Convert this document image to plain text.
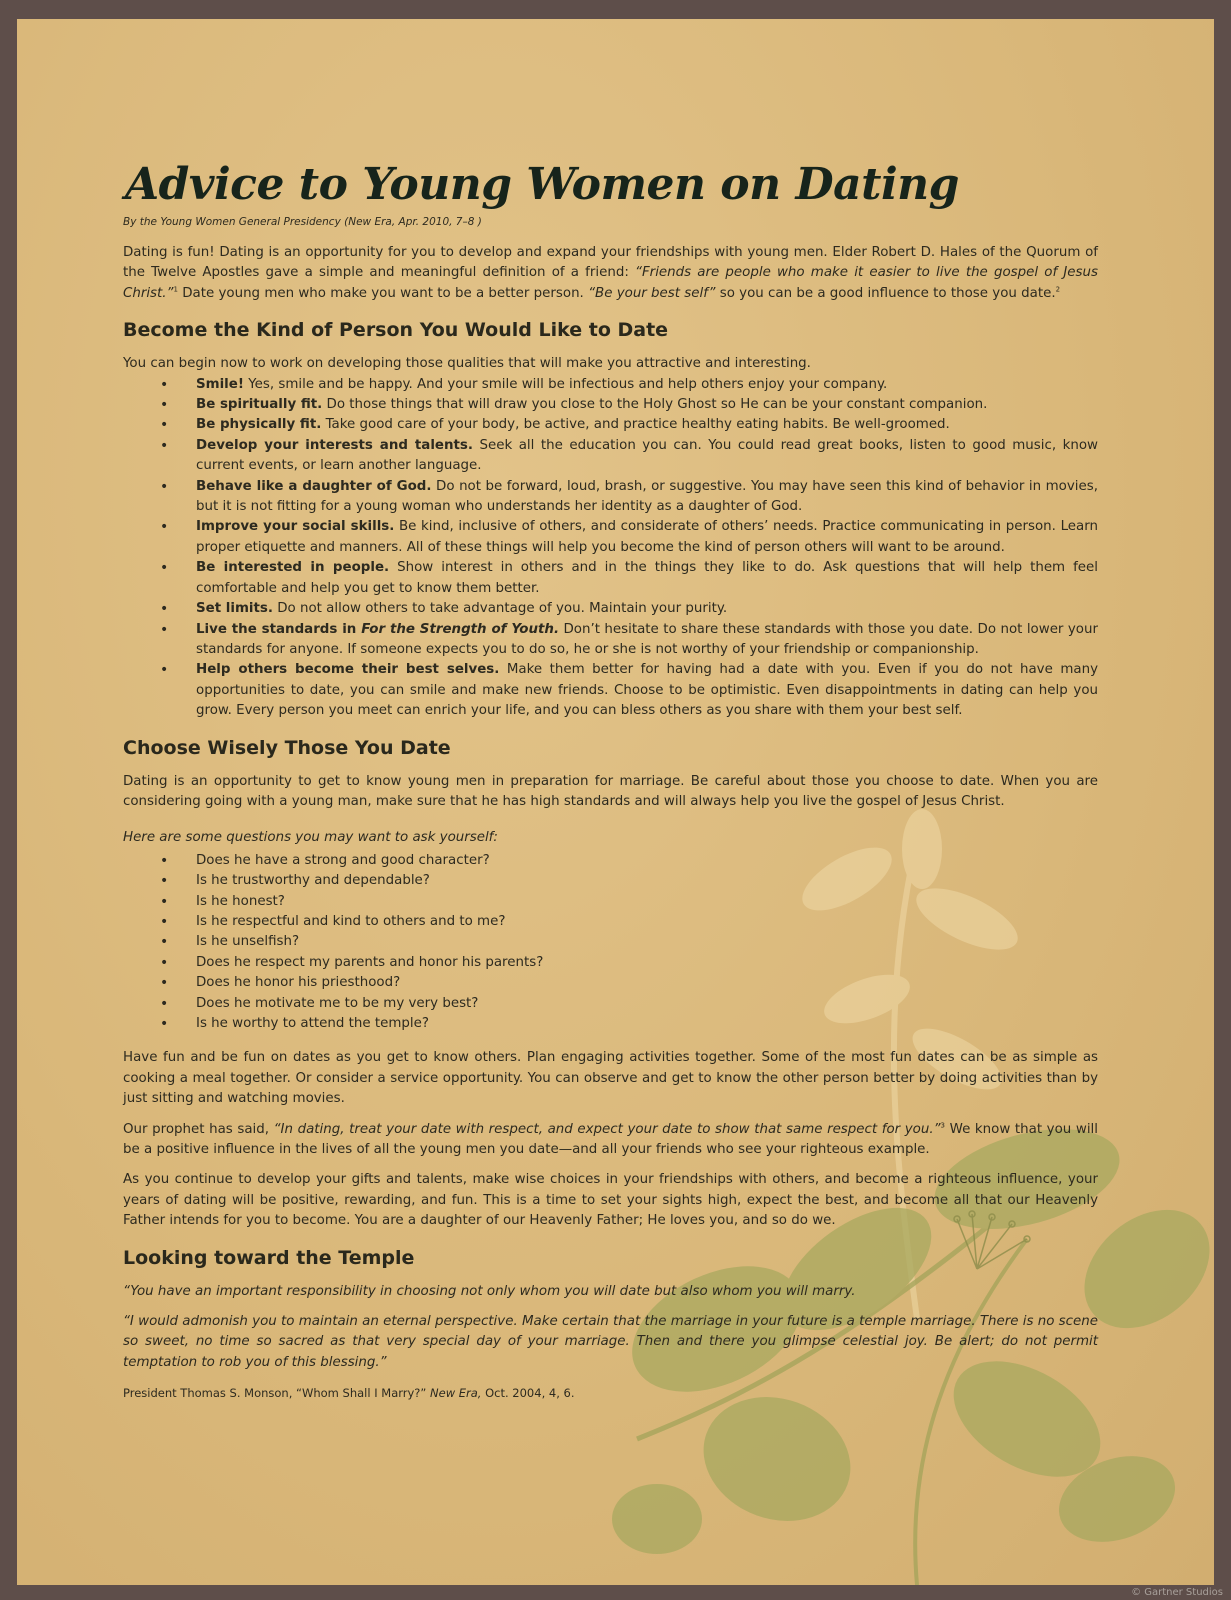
Advice to Young Women on Dating
By the Young Women General Presidency (New Era, Apr. 2010, 7–8 )

Dating is fun! Dating is an opportunity for you to develop and expand your friendships with young men. Elder Robert D. Hales of the Quorum of the Twelve Apostles gave a simple and meaningful definition of a friend: “Friends are people who make it easier to live the gospel of Jesus Christ.”$^1$ Date young men who make you want to be a better person. “Be your best self” so you can be a good influence to those you date.$^2$

Become the Kind of Person You Would Like to Date

You can begin now to work on developing those qualities that will make you attractive and interesting.

• Smile! Yes, smile and be happy. And your smile will be infectious and help others enjoy your company.
• Be spiritually fit. Do those things that will draw you close to the Holy Ghost so He can be your constant companion.
• Be physically fit. Take good care of your body, be active, and practice healthy eating habits. Be well-groomed.
• Develop your interests and talents. Seek all the education you can. You could read great books, listen to good music, know current events, or learn another language.
• Behave like a daughter of God. Do not be forward, loud, brash, or suggestive. You may have seen this kind of behavior in movies, but it is not fitting for a young woman who understands her identity as a daughter of God.
• Improve your social skills. Be kind, inclusive of others, and considerate of others’ needs. Practice communicating in person. Learn proper etiquette and manners. All of these things will help you become the kind of person others will want to be around.
• Be interested in people. Show interest in others and in the things they like to do. Ask questions that will help them feel comfortable and help you get to know them better.
• Set limits. Do not allow others to take advantage of you. Maintain your purity.
• Live the standards in For the Strength of Youth. Don’t hesitate to share these standards with those you date. Do not lower your standards for anyone. If someone expects you to do so, he or she is not worthy of your friendship or companionship.
• Help others become their best selves. Make them better for having had a date with you. Even if you do not have many opportunities to date, you can smile and make new friends. Choose to be optimistic. Even disappointments in dating can help you grow. Every person you meet can enrich your life, and you can bless others as you share with them your best self.
Choose Wisely Those You Date

Dating is an opportunity to get to know young men in preparation for marriage. Be careful about those you choose to date. When you are considering going with a young man, make sure that he has high standards and will always help you live the gospel of Jesus Christ.

Here are some questions you may want to ask yourself:
• Does he have a strong and good character?
• Is he trustworthy and dependable?
• Is he honest?
• Is he respectful and kind to others and to me?
• Is he unselfish?
• Does he respect my parents and honor his parents?
• Does he honor his priesthood?
• Does he motivate me to be my very best?
• Is he worthy to attend the temple?

Have fun and be fun on dates as you get to know others. Plan engaging activities together. Some of the most fun dates can be as simple as cooking a meal together. Or consider a service opportunity. You can observe and get to know the other person better by doing activities than by just sitting and watching movies.

Our prophet has said, “In dating, treat your date with respect, and expect your date to show that same respect for you.”$^3$ We know that you will be a positive influence in the lives of all the young men you date—and all your friends who see your righteous example.

As you continue to develop your gifts and talents, make wise choices in your friendships with others, and become a righteous influence, your years of dating will be positive, rewarding, and fun. This is a time to set your sights high, expect the best, and become all that our Heavenly Father intends for you to become. You are a daughter of our Heavenly Father; He loves you, and so do we.

Looking toward the Temple

“You have an important responsibility in choosing not only whom you will date but also whom you will marry.

“I would admonish you to maintain an eternal perspective. Make certain that the marriage in your future is a temple marriage. There is no scene so sweet, no time so sacred as that very special day of your marriage. Then and there you glimpse celestial joy. Be alert; do not permit temptation to rob you of this blessing.”

President Thomas S. Monson, “Whom Shall I Marry?” New Era, Oct. 2004, 4, 6.
© Gartner Studios
